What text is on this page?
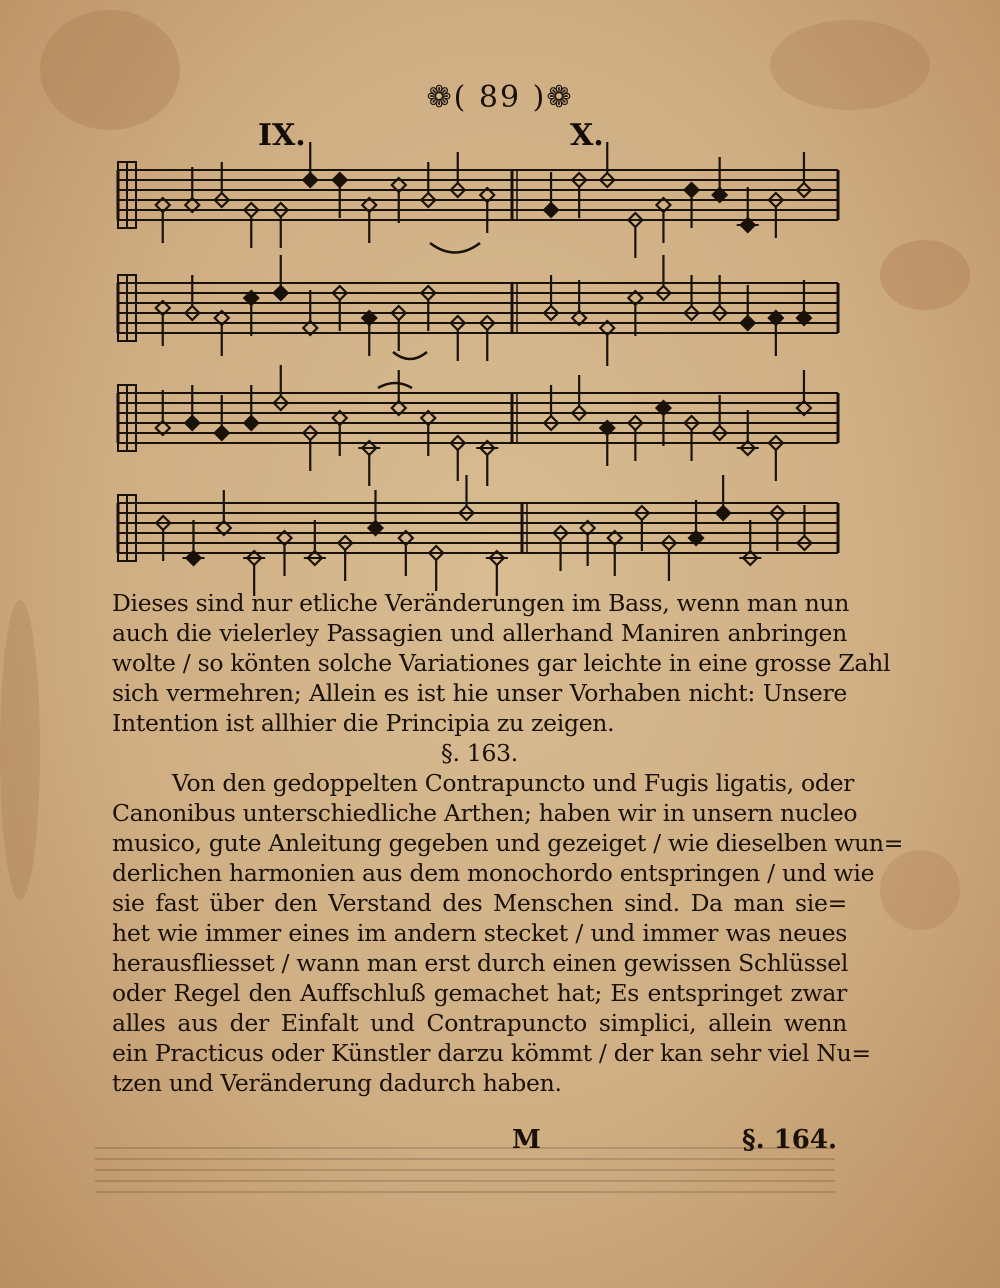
❁( 89 )❁
IX.	X.
Dieses sind nur etliche Veränderungen im Bass, wenn man nun
auch die vielerley Passagien und allerhand Maniren anbringen
wolte / so könten solche Variationes gar leichte in eine grosse Zahl
sich vermehren; Allein es ist hie unser Vorhaben nicht: Unsere
Intention ist allhier die Principia zu zeigen.
§. 163.
Von den gedoppelten Contrapuncto und Fugis ligatis, oder
Canonibus unterschiedliche Arthen; haben wir in unsern nucleo
musico, gute Anleitung gegeben und gezeiget / wie dieselben wun=
derlichen harmonien aus dem monochordo entspringen / und wie
sie fast über den Verstand des Menschen sind. Da man sie=
het wie immer eines im andern stecket / und immer was neues
herausfliesset / wann man erst durch einen gewissen Schlüssel
oder Regel den Auffschluß gemachet hat; Es entspringet zwar
alles aus der Einfalt und Contrapuncto simplici, allein wenn
ein Practicus oder Künstler darzu kömmt / der kan sehr viel Nu=
tzen und Veränderung dadurch haben.
M	§. 164.
